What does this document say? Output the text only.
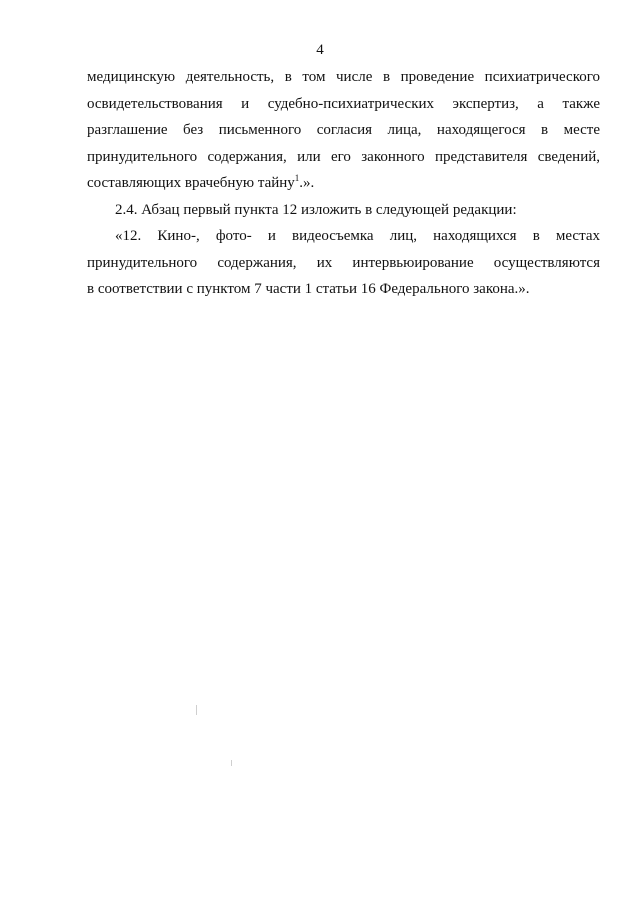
4
медицинскую деятельность, в том числе в проведение психиатрического
освидетельствования и судебно-психиатрических экспертиз, а также
разглашение без письменного согласия лица, находящегося в месте
принудительного содержания, или его законного представителя сведений,
составляющих врачебную тайну$^1$.».
2.4. Абзац первый пункта 12 изложить в следующей редакции:
«12. Кино-, фото- и видеосъемка лиц, находящихся в местах
принудительного содержания, их интервьюирование осуществляются
в соответствии с пунктом 7 части 1 статьи 16 Федерального закона.».
